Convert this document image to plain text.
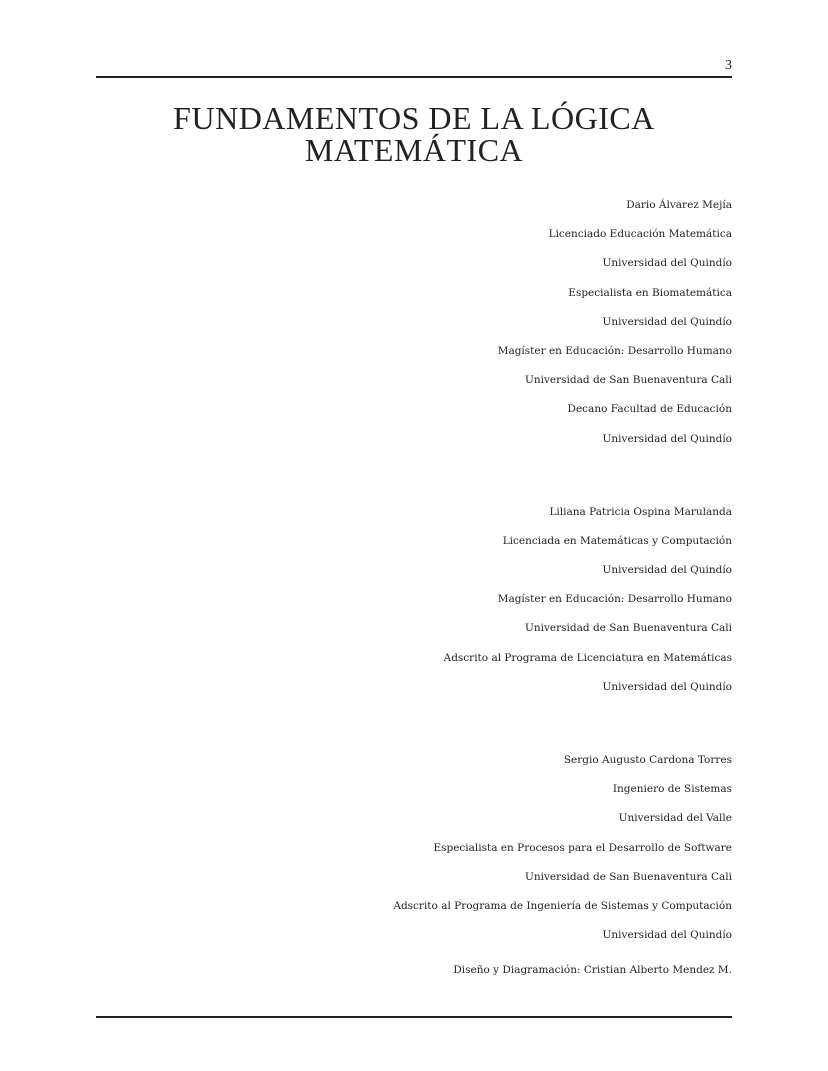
3
FUNDAMENTOS DE LA LÓGICA
MATEMÁTICA
Dario Álvarez Mejía
Licenciado Educación Matemática
Universidad del Quindío
Especialista en Biomatemática
Universidad del Quindío
Magíster en Educación: Desarrollo Humano
Universidad de San Buenaventura Cali
Decano Facultad de Educación
Universidad del Quindío
Liliana Patricia Ospina Marulanda
Licenciada en Matemáticas y Computación
Universidad del Quindío
Magíster en Educación: Desarrollo Humano
Universidad de San Buenaventura Cali
Adscrito al Programa de Licenciatura en Matemáticas
Universidad del Quindío
Sergio Augusto Cardona Torres
Ingeniero de Sistemas
Universidad del Valle
Especialista en Procesos para el Desarrollo de Software
Universidad de San Buenaventura Cali
Adscrito al Programa de Ingeniería de Sistemas y Computación
Universidad del Quindío
Diseño y Diagramación: Cristian Alberto Mendez M.
